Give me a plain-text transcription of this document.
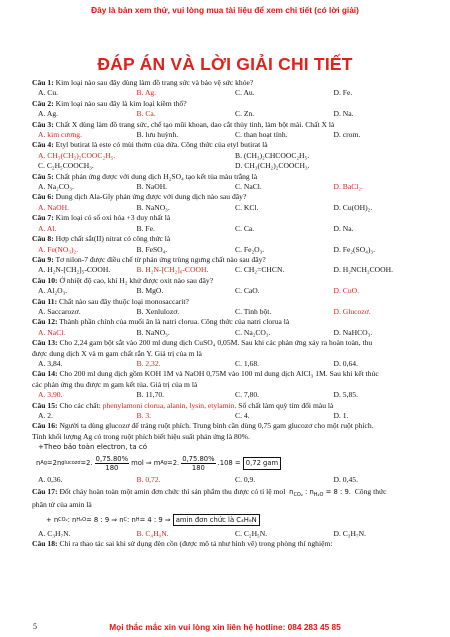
Đây là bản xem thử, vui lòng mua tài liệu để xem chi tiết (có lời giải)
ĐÁP ÁN VÀ LỜI GIẢI CHI TIẾT
Câu 1: Kim loại nào sau đây dùng làm đồ trang sức và bảo vệ sức khỏe?
A. Cu.	B. Ag.	C. Au.	D. Fe.
Câu 2: Kim loại nào sau đây là kim loại kiềm thổ?
A. Ag.	B. Ca.	C. Zn.	D. Na.
Câu 3: Chất X dùng làm đồ trang sức, chế tạo mũi khoan, dao cắt thủy tinh, làm bột mài. Chất X là
A. kim cương.	B. lưu huỳnh.	C. than hoạt tính.	D. crom.
Câu 4: Etyl butirat là este có mùi thơm của dứa. Công thức của etyl butirat là
A. CH₃(CH₂)₂COOC₂H₅.	B. (CH₃)₂CHCOOC₂H₅.
C. C₂H₅COOCH₃.	D. CH₃(CH₂)₂COOCH₃.
Câu 5: Chất phản ứng được với dung dịch H₂SO₄ tạo kết tủa màu trắng là
A. Na₂CO₃.	B. NaOH.	C. NaCl.	D. BaCl₂.
Câu 6: Dung dịch Ala-Gly phản ứng được với dung dịch nào sau đây?
A. NaOH.	B. NaNO₃.	C. KCl.	D. Cu(OH)₂.
Câu 7: Kim loại có số oxi hóa +3 duy nhất là
A. Al.	B. Fe.	C. Ca.	D. Na.
Câu 8: Hợp chất sắt(II) nitrat có công thức là
A. Fe(NO₃)₂.	B. FeSO₄.	C. Fe₂O₃.	D. Fe₂(SO₄)₃.
Câu 9: Tơ nilon-7 được điều chế từ phản ứng trùng ngưng chất nào sau đây?
A. H₂N-[CH₂]₅-COOH.	B. H₂N-[CH₂]₆-COOH.	C. CH₂=CHCN.	D. H₂NCH₂COOH.
Câu 10: Ở nhiệt độ cao, khí H₂ khử được oxit nào sau đây?
A. Al₂O₃.	B. MgO.	C. CaO.	D. CuO.
Câu 11: Chất nào sau đây thuộc loại monosaccarit?
A. Saccarozơ.	B. Xenlulozơ.	C. Tinh bột.	D. Glucozơ.
Câu 12: Thành phần chính của muối ăn là natri clorua. Công thức của natri clorua là
A. NaCl.	B. NaNO₃.	C. Na₂CO₃.	D. NaHCO₃.
Câu 13: Cho 2,24 gam bột sắt vào 200 ml dung dịch CuSO₄ 0,05M. Sau khi các phản ứng xảy ra hoàn toàn, thu
được dung dịch X và m gam chất rắn Y. Giá trị của m là
A. 3,84.	B. 2,32.	C. 1,68.	D. 0,64.
Câu 14: Cho 200 ml dung dịch gồm KOH 1M và NaOH 0,75M vào 100 ml dung dịch AlCl₃ 1M. Sau khi kết thúc
các phản ứng thu được m gam kết tủa. Giá trị của m là
A. 3,90.	B. 11,70.	C. 7,80.	D. 5,85.
Câu 15: Cho các chất: phenylamoni clorua, alanin, lysin, etylamin. Số chất làm quỳ tím đổi màu là
A. 2.	B. 3.	C. 4.	D. 1.
Câu 16: Người ta dùng glucozơ để tráng ruột phích. Trung bình cần dùng 0,75 gam glucozơ cho một ruột phích.
Tính khối lượng Ag có trong ruột phích biết hiệu suất phản ứng là 80%.
+Theo bảo toàn electron, ta có
n Ag =2n glucozơ =2. $\frac{0,75.80\%}{180}$ mol ⇒ m Ag =2. $\frac{0,75.80\%}{180} .108$ =
0,72 gam
A. 0,36.	B. 0,72.	C. 0,9.	D. 0,45.
Câu 17: Đốt cháy hoàn toàn một amin đơn chức thì sản phẩm thu được có tỉ lệ mol $n_{CO_2}$ : $n_{H_2O} = 8$ : 9. Công thức
phân tử của amin là
+ n CO₂ : n H₂O = 8 : 9 ⇒ n C : n H = 4 : 9 ⇒
amin đơn chức là C₄H₉N
A. C₃H₇N.	B. C₄H₉N.	C. C₂H₅N.	D. C₃H₇N.
Câu 18: Chỉ ra thao tác sai khi sử dụng đèn cồn (được mô tả như hình vẽ) trong phòng thí nghiệm:
5	Mọi thắc mắc xin vui lòng xin liên hệ hotline: 084 283 45 85
